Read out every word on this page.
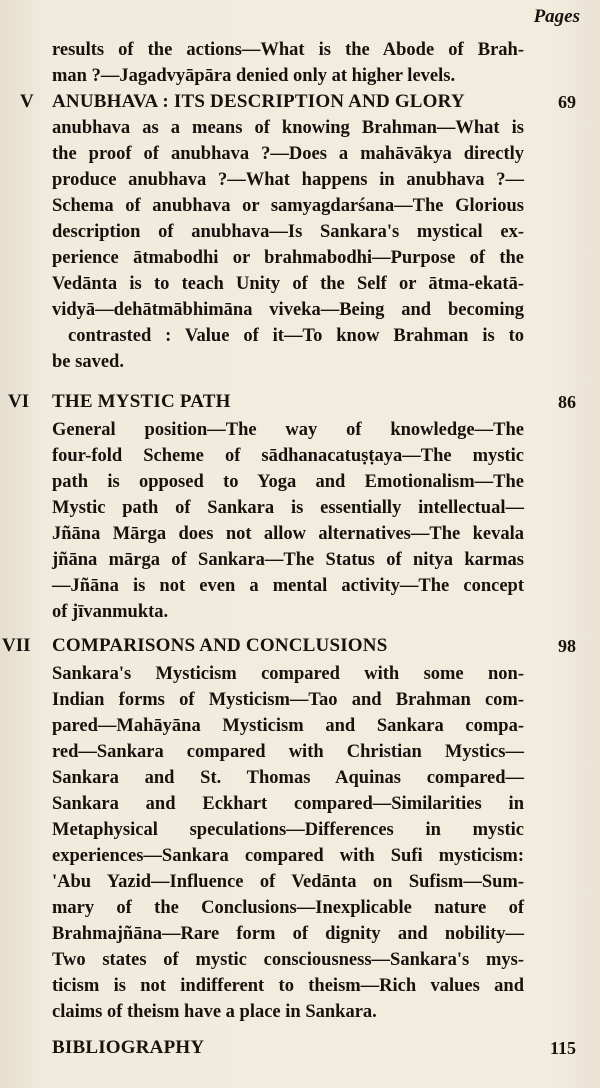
Pages
results of the actions—What is the Abode of Brah-
man ?—Jagadvyāpāra denied only at higher levels.
V ANUBHAVA : ITS DESCRIPTION AND GLORY	69
anubhava as a means of knowing Brahman—What is
the proof of anubhava ?—Does a mahāvākya directly
produce anubhava ?—What happens in anubhava ?—
Schema of anubhava or samyagdarśana—The Glorious
description of anubhava—Is Sankara's mystical ex-
perience ātmabodhi or brahmabodhi—Purpose of the
Vedānta is to teach Unity of the Self or ātma-ekatā-
vidyā—dehātmābhimāna viveka—Being and becoming
contrasted : Value of it—To know Brahman is to
be saved.
VI THE MYSTIC PATH	86
General position—The way of knowledge—The
four-fold Scheme of sādhanacatuṣṭaya—The mystic
path is opposed to Yoga and Emotionalism—The
Mystic path of Sankara is essentially intellectual—
Jñāna Mārga does not allow alternatives—The kevala
jñāna mārga of Sankara—The Status of nitya karmas
—Jñāna is not even a mental activity—The concept
of jīvanmukta.
VII COMPARISONS AND CONCLUSIONS	98
Sankara's Mysticism compared with some non-
Indian forms of Mysticism—Tao and Brahman com-
pared—Mahāyāna Mysticism and Sankara compa-
red—Sankara compared with Christian Mystics—
Sankara and St. Thomas Aquinas compared—
Sankara and Eckhart compared—Similarities in
Metaphysical speculations—Differences in mystic
experiences—Sankara compared with Sufi mysticism:
'Abu Yazid—Influence of Vedānta on Sufism—Sum-
mary of the Conclusions—Inexplicable nature of
Brahmajñāna—Rare form of dignity and nobility—
Two states of mystic consciousness—Sankara's mys-
ticism is not indifferent to theism—Rich values and
claims of theism have a place in Sankara.
BIBLIOGRAPHY	115
